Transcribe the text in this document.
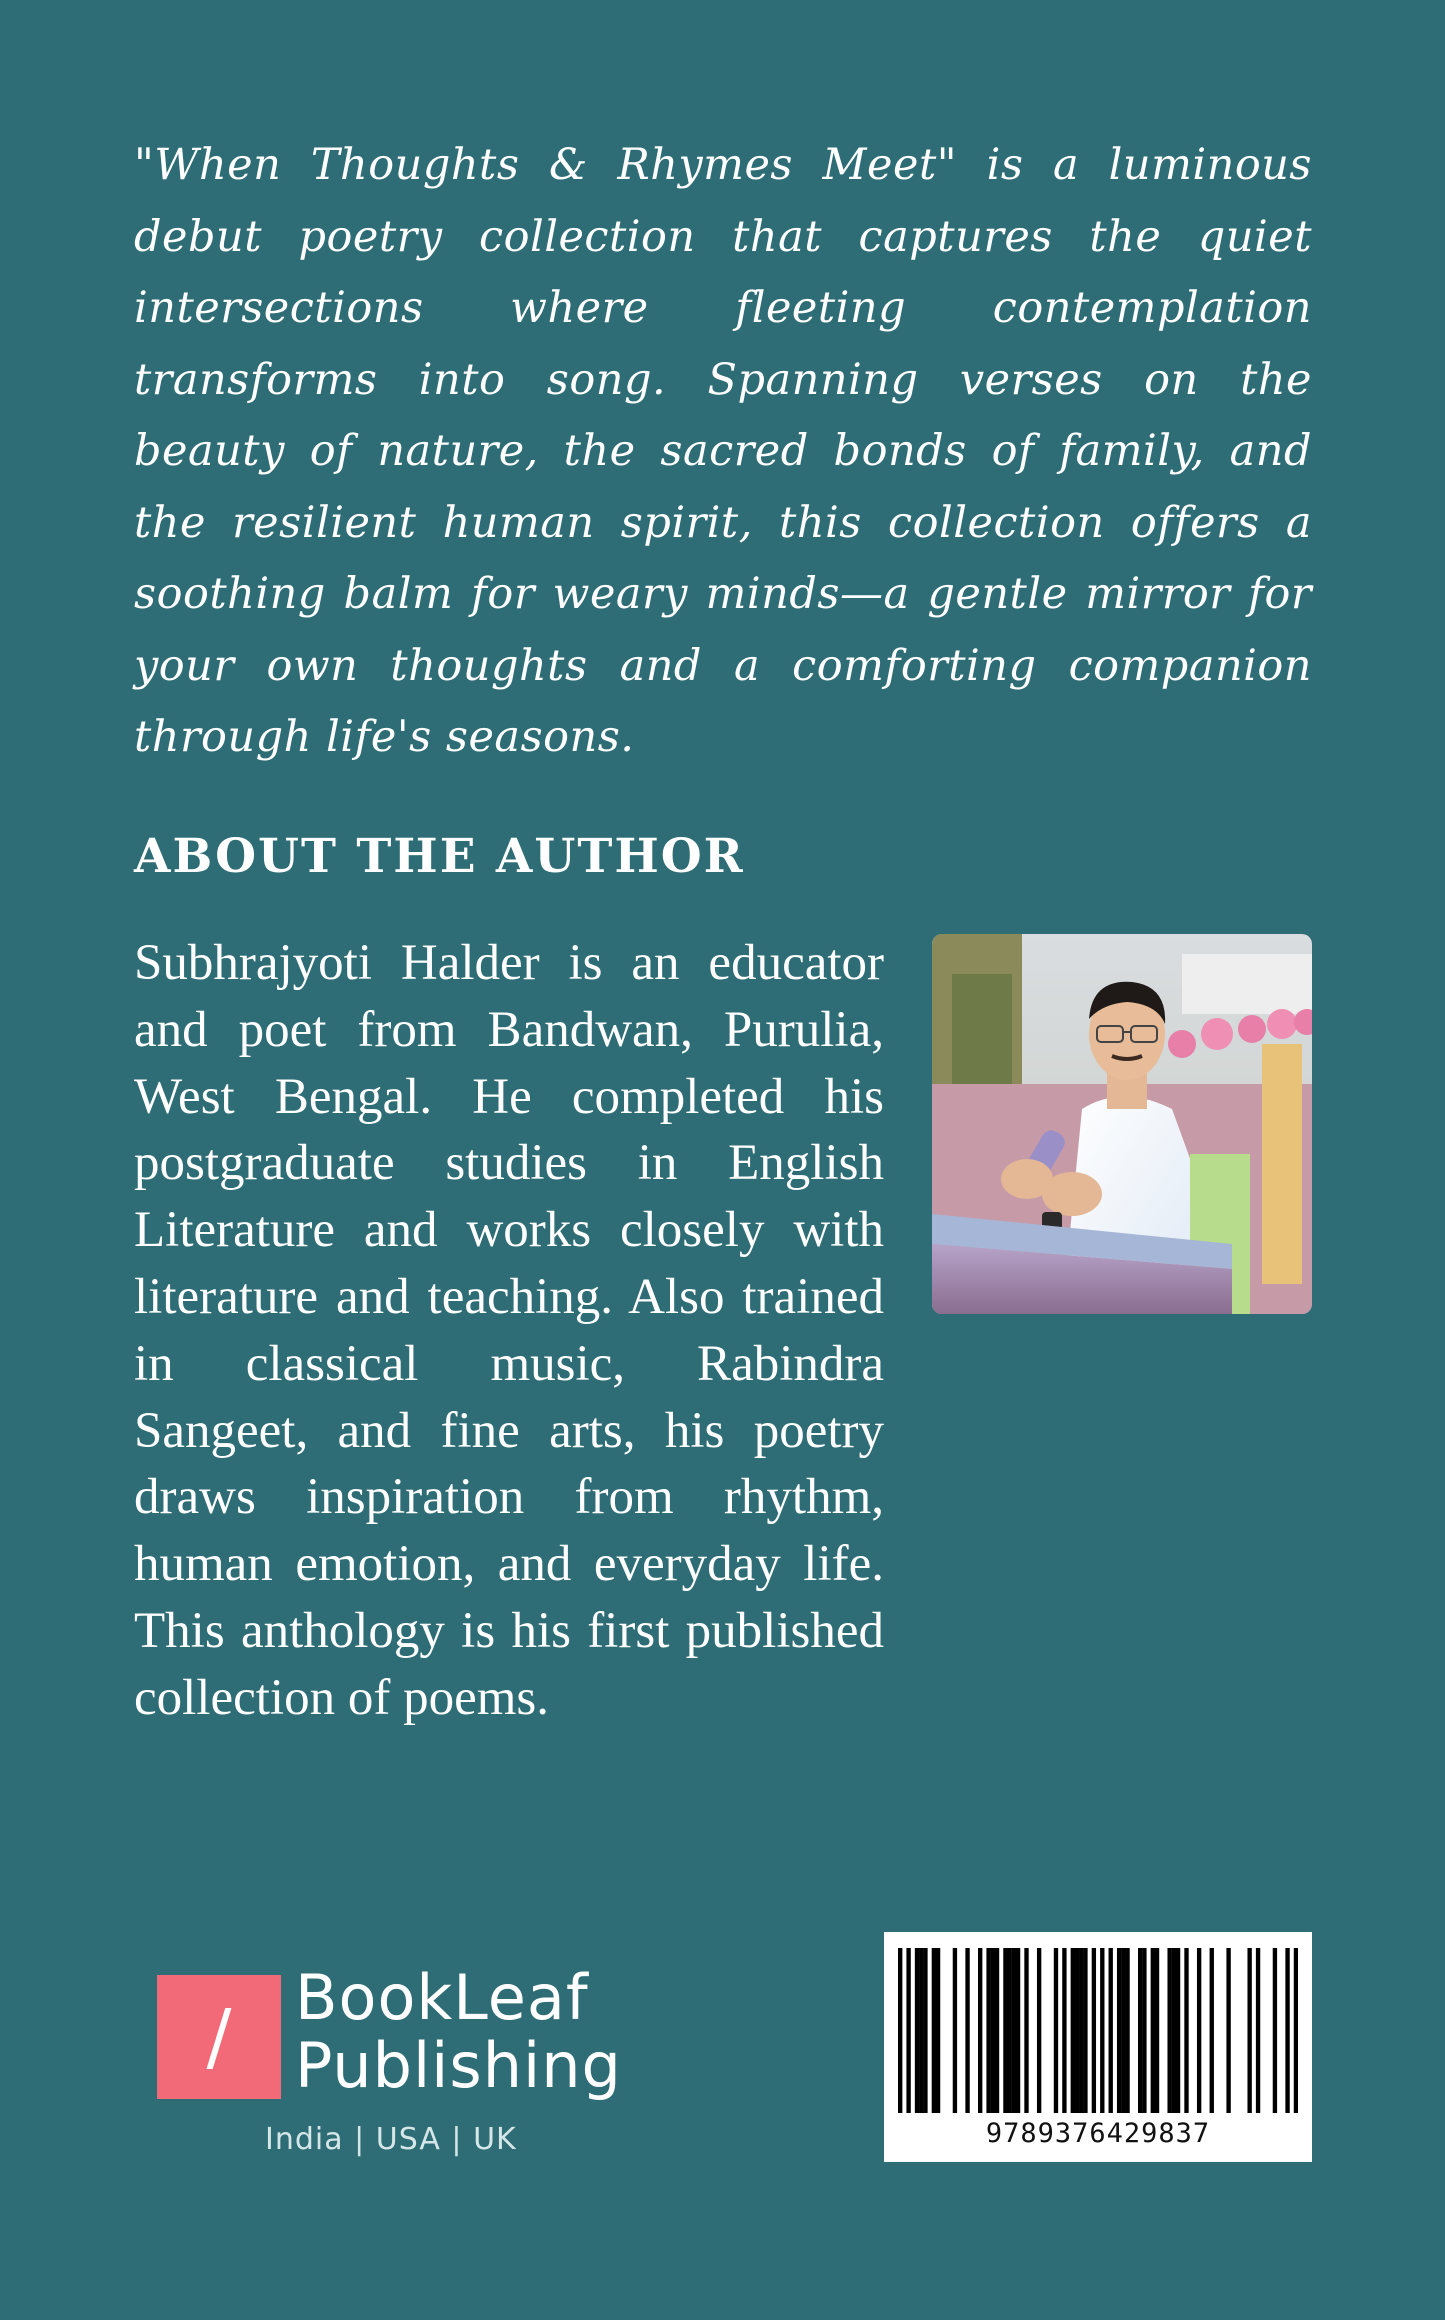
"When Thoughts & Rhymes Meet" is a luminous debut poetry collection that captures the quiet intersections where fleeting contemplation transforms into song. Spanning verses on the beauty of nature, the sacred bonds of family, and the resilient human spirit, this collection offers a soothing balm for weary minds—a gentle mirror for your own thoughts and a comforting companion through life's seasons.

ABOUT THE AUTHOR

Subhrajyoti Halder is an educator and poet from Bandwan, Purulia, West Bengal. He completed his postgraduate studies in English Literature and works closely with literature and teaching. Also trained in classical music, Rabindra Sangeet, and fine arts, his poetry draws inspiration from rhythm, human emotion, and everyday life. This anthology is his first published collection of poems.

/	BookLeaf
Publishing
India | USA | UK	9789376429837
